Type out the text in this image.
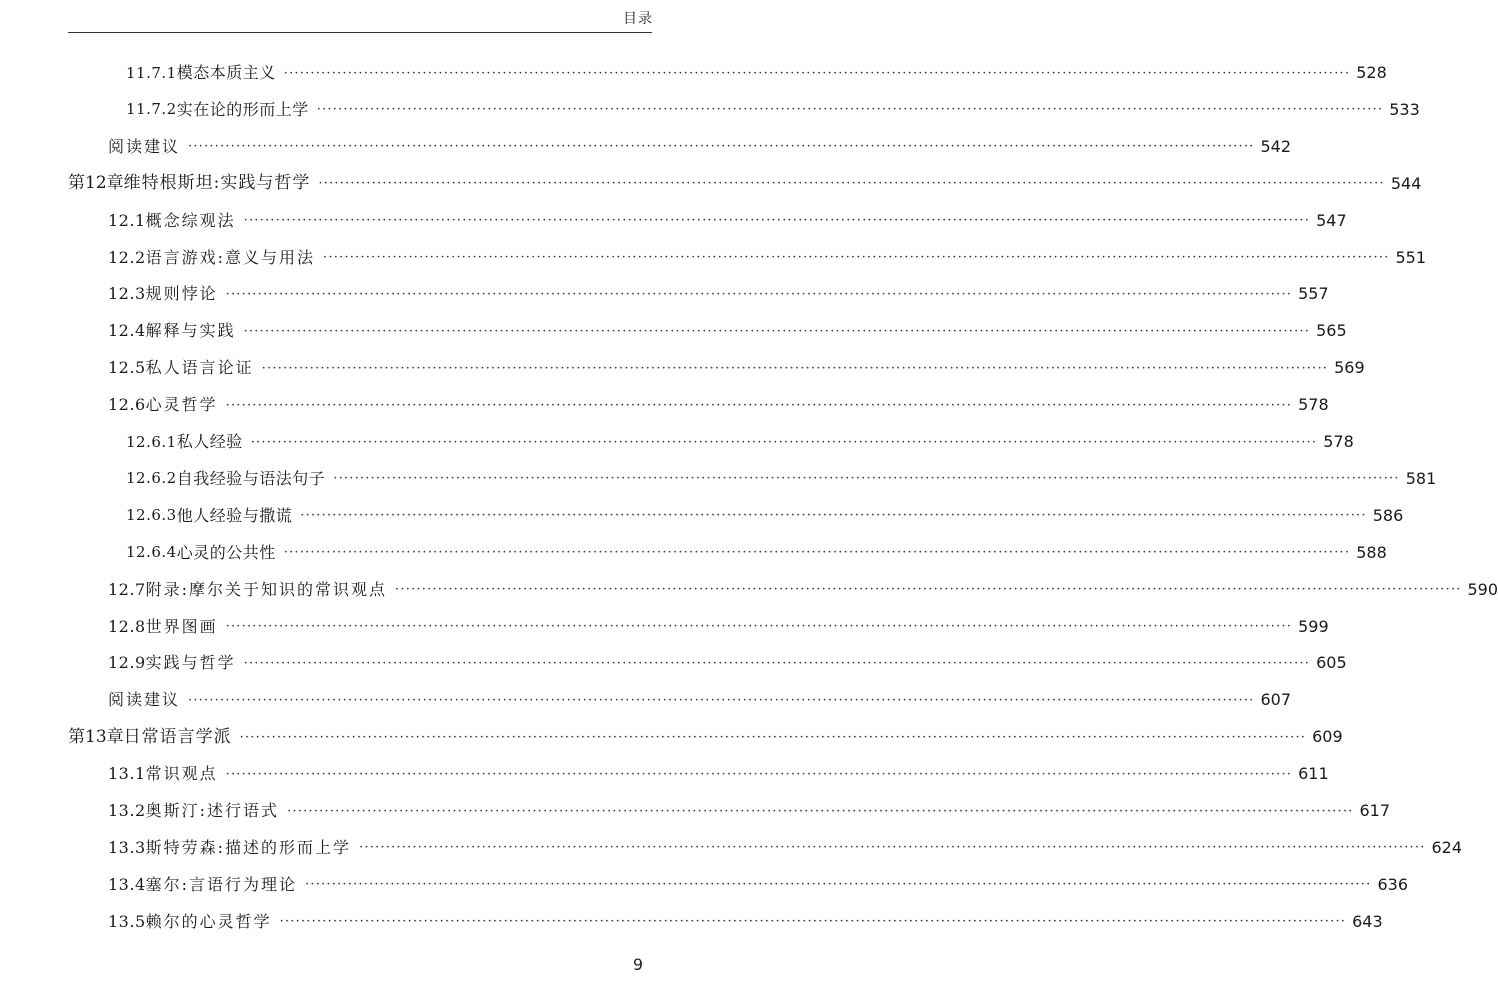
目录
11.7.1 模态本质主义 ········································································································································································································ 528
11.7.2 实在论的形而上学 ········································································································································································································ 533
阅读建议 ········································································································································································································ 542
第12章 维特根斯坦:实践与哲学 ········································································································································································································ 544
12.1 概念综观法 ········································································································································································································ 547
12.2 语言游戏:意义与用法 ········································································································································································································ 551
12.3 规则悖论 ········································································································································································································ 557
12.4 解释与实践 ········································································································································································································ 565
12.5 私人语言论证 ········································································································································································································ 569
12.6 心灵哲学 ········································································································································································································ 578
12.6.1 私人经验 ········································································································································································································ 578
12.6.2 自我经验与语法句子 ········································································································································································································ 581
12.6.3 他人经验与撒谎 ········································································································································································································ 586
12.6.4 心灵的公共性 ········································································································································································································ 588
12.7 附录:摩尔关于知识的常识观点 ········································································································································································································ 590
12.8 世界图画 ········································································································································································································ 599
12.9 实践与哲学 ········································································································································································································ 605
阅读建议 ········································································································································································································ 607
第13章 日常语言学派 ········································································································································································································ 609
13.1 常识观点 ········································································································································································································ 611
13.2 奥斯汀:述行语式 ········································································································································································································ 617
13.3 斯特劳森:描述的形而上学 ········································································································································································································ 624
13.4 塞尔:言语行为理论 ········································································································································································································ 636
13.5 赖尔的心灵哲学 ········································································································································································································ 643
9
